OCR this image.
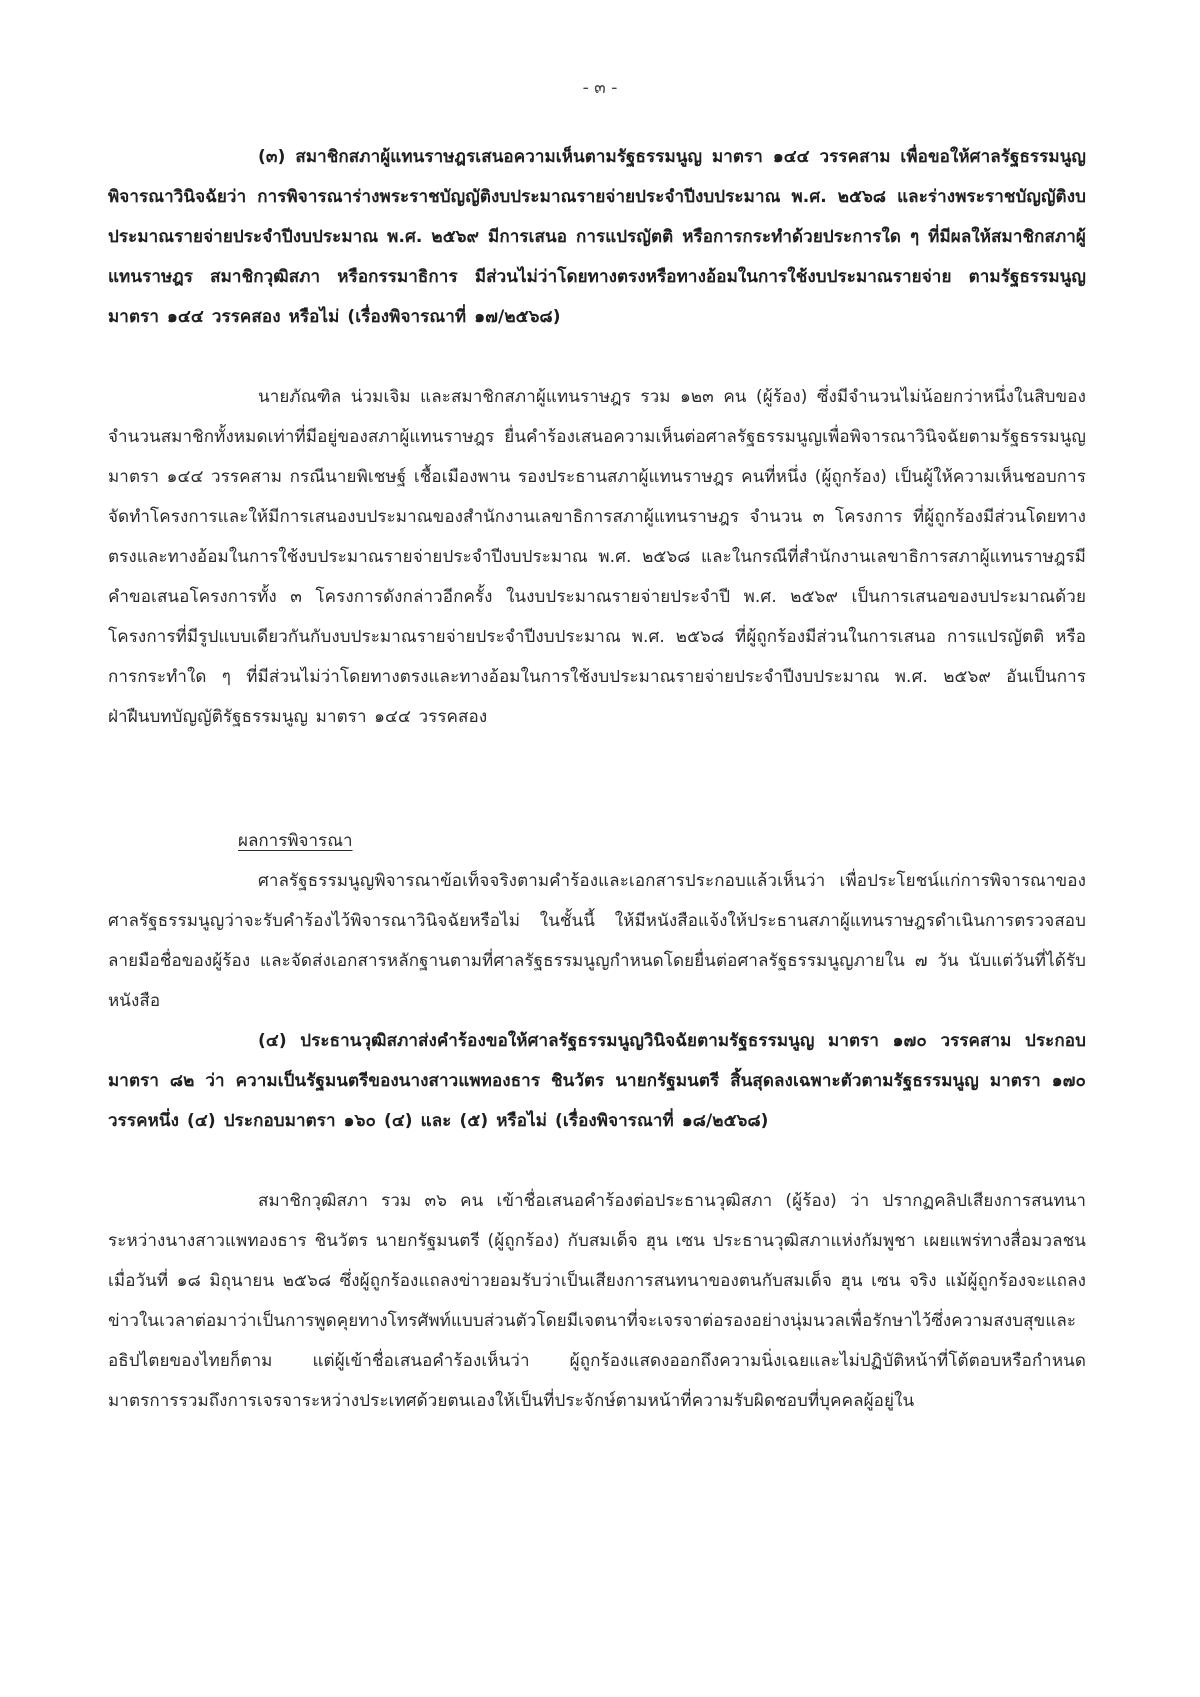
- ๓ -

(๓) สมาชิกสภาผู้แทนราษฎรเสนอความเห็นตามรัฐธรรมนูญ มาตรา ๑๔๔ วรรคสาม เพื่อขอให้ศาลรัฐธรรมนูญพิจารณาวินิจฉัยว่า การพิจารณาร่างพระราชบัญญัติงบประมาณรายจ่ายประจำปีงบประมาณ พ.ศ. ๒๕๖๘ และร่างพระราชบัญญัติงบประมาณรายจ่ายประจำปีงบประมาณ พ.ศ. ๒๕๖๙ มีการเสนอ การแปรญัตติ หรือการกระทำด้วยประการใด ๆ ที่มีผลให้สมาชิกสภาผู้แทนราษฎร สมาชิกวุฒิสภา หรือกรรมาธิการ มีส่วนไม่ว่าโดยทางตรงหรือทางอ้อมในการใช้งบประมาณรายจ่าย ตามรัฐธรรมนูญ มาตรา ๑๔๔ วรรคสอง หรือไม่ (เรื่องพิจารณาที่ ๑๗/๒๕๖๘)

นายภัณฑิล น่วมเจิม และสมาชิกสภาผู้แทนราษฎร รวม ๑๒๓ คน (ผู้ร้อง) ซึ่งมีจำนวนไม่น้อยกว่าหนึ่งในสิบของจำนวนสมาชิกทั้งหมดเท่าที่มีอยู่ของสภาผู้แทนราษฎร ยื่นคำร้องเสนอความเห็นต่อศาลรัฐธรรมนูญเพื่อพิจารณาวินิจฉัยตามรัฐธรรมนูญ มาตรา ๑๔๔ วรรคสาม กรณีนายพิเชษฐ์ เชื้อเมืองพาน รองประธานสภาผู้แทนราษฎร คนที่หนึ่ง (ผู้ถูกร้อง) เป็นผู้ให้ความเห็นชอบการจัดทำโครงการและให้มีการเสนองบประมาณของสำนักงานเลขาธิการสภาผู้แทนราษฎร จำนวน ๓ โครงการ ที่ผู้ถูกร้องมีส่วนโดยทางตรงและทางอ้อมในการใช้งบประมาณรายจ่ายประจำปีงบประมาณ พ.ศ. ๒๕๖๘ และในกรณีที่สำนักงานเลขาธิการสภาผู้แทนราษฎรมีคำขอเสนอโครงการทั้ง ๓ โครงการดังกล่าวอีกครั้ง ในงบประมาณรายจ่ายประจำปี พ.ศ. ๒๕๖๙ เป็นการเสนอของบประมาณด้วยโครงการที่มีรูปแบบเดียวกันกับงบประมาณรายจ่ายประจำปีงบประมาณ พ.ศ. ๒๕๖๘ ที่ผู้ถูกร้องมีส่วนในการเสนอ การแปรญัตติ หรือการกระทำใด ๆ ที่มีส่วนไม่ว่าโดยทางตรงและทางอ้อมในการใช้งบประมาณรายจ่ายประจำปีงบประมาณ พ.ศ. ๒๕๖๙ อันเป็นการฝ่าฝืนบทบัญญัติรัฐธรรมนูญ มาตรา ๑๔๔ วรรคสอง

ผลการพิจารณา

ศาลรัฐธรรมนูญพิจารณาข้อเท็จจริงตามคำร้องและเอกสารประกอบแล้วเห็นว่า เพื่อประโยชน์แก่การพิจารณาของศาลรัฐธรรมนูญว่าจะรับคำร้องไว้พิจารณาวินิจฉัยหรือไม่ ในชั้นนี้ ให้มีหนังสือแจ้งให้ประธานสภาผู้แทนราษฎรดำเนินการตรวจสอบลายมือชื่อของผู้ร้อง และจัดส่งเอกสารหลักฐานตามที่ศาลรัฐธรรมนูญกำหนดโดยยื่นต่อศาลรัฐธรรมนูญภายใน ๗ วัน นับแต่วันที่ได้รับหนังสือ

(๔) ประธานวุฒิสภาส่งคำร้องขอให้ศาลรัฐธรรมนูญวินิจฉัยตามรัฐธรรมนูญ มาตรา ๑๗๐ วรรคสาม ประกอบมาตรา ๘๒ ว่า ความเป็นรัฐมนตรีของนางสาวแพทองธาร ชินวัตร นายกรัฐมนตรี สิ้นสุดลงเฉพาะตัวตามรัฐธรรมนูญ มาตรา ๑๗๐ วรรคหนึ่ง (๔) ประกอบมาตรา ๑๖๐ (๔) และ (๕) หรือไม่ (เรื่องพิจารณาที่ ๑๘/๒๕๖๘)

สมาชิกวุฒิสภา รวม ๓๖ คน เข้าชื่อเสนอคำร้องต่อประธานวุฒิสภา (ผู้ร้อง) ว่า ปรากฏคลิปเสียงการสนทนาระหว่างนางสาวแพทองธาร ชินวัตร นายกรัฐมนตรี (ผู้ถูกร้อง) กับสมเด็จ ฮุน เซน ประธานวุฒิสภาแห่งกัมพูชา เผยแพร่ทางสื่อมวลชนเมื่อวันที่ ๑๘ มิถุนายน ๒๕๖๘ ซึ่งผู้ถูกร้องแถลงข่าวยอมรับว่าเป็นเสียงการสนทนาของตนกับสมเด็จ ฮุน เซน จริง แม้ผู้ถูกร้องจะแถลงข่าวในเวลาต่อมาว่าเป็นการพูดคุยทางโทรศัพท์แบบส่วนตัวโดยมีเจตนาที่จะเจรจาต่อรองอย่างนุ่มนวลเพื่อรักษาไว้ซึ่งความสงบสุขและอธิปไตยของไทยก็ตาม แต่ผู้เข้าชื่อเสนอคำร้องเห็นว่า ผู้ถูกร้องแสดงออกถึงความนิ่งเฉยและไม่ปฏิบัติหน้าที่โต้ตอบหรือกำหนดมาตรการรวมถึงการเจรจาระหว่างประเทศด้วยตนเองให้เป็นที่ประจักษ์ตามหน้าที่ความรับผิดชอบที่บุคคลผู้อยู่ใน
